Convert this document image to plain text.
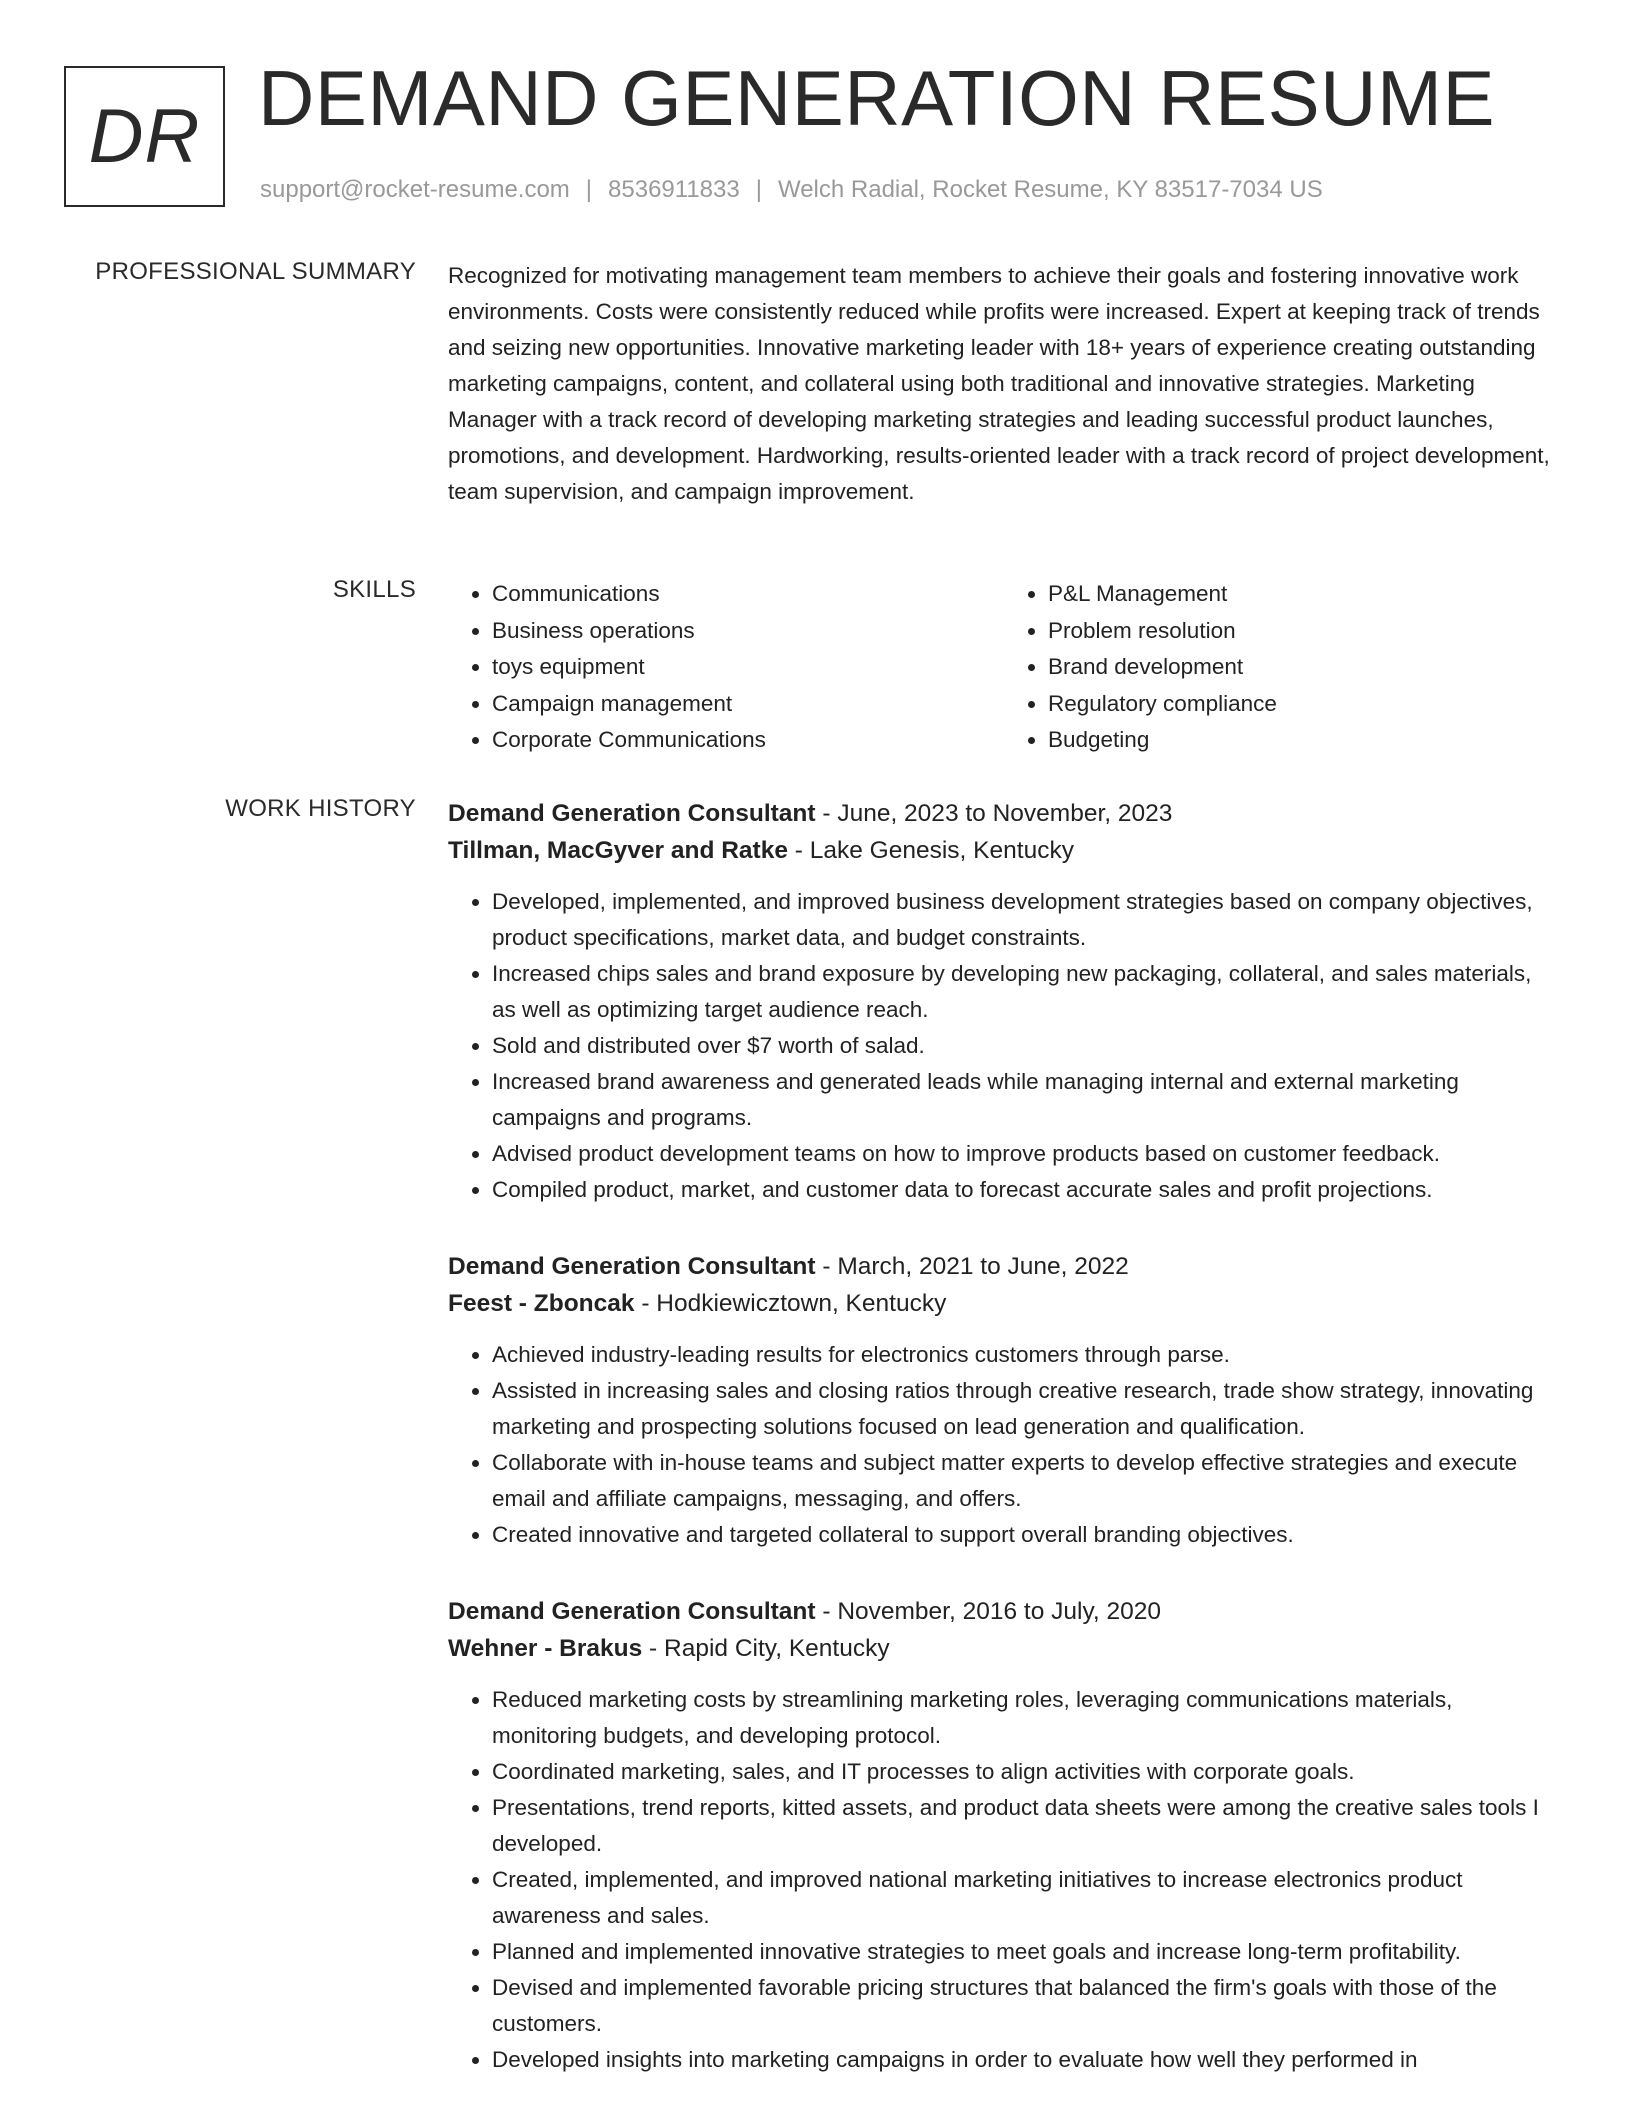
DR DEMAND GENERATION RESUME
support@rocket-resume.com | 8536911833 | Welch Radial, Rocket Resume, KY 83517-7034 US
PROFESSIONAL SUMMARY Recognized for motivating management team members to achieve their goals and fostering innovative work environments. Costs were consistently reduced while profits were increased. Expert at keeping track of trends and seizing new opportunities. Innovative marketing leader with 18+ years of experience creating outstanding marketing campaigns, content, and collateral using both traditional and innovative strategies. Marketing Manager with a track record of developing marketing strategies and leading successful product launches, promotions, and development. Hardworking, results-oriented leader with a track record of project development, team supervision, and campaign improvement.

SKILLS
•	Communications
• Business operations
• toys equipment
• Campaign management
• Corporate Communications
• P&L Management
• Problem resolution
• Brand development
• Regulatory compliance
• Budgeting
WORK HISTORY Demand Generation Consultant - June, 2023 to November, 2023
Tillman, MacGyver and Ratke - Lake Genesis, Kentucky
• Developed, implemented, and improved business development strategies based on company objectives, product specifications, market data, and budget constraints.
• Increased chips sales and brand exposure by developing new packaging, collateral, and sales materials, as well as optimizing target audience reach.
• Sold and distributed over $7 worth of salad.
• Increased brand awareness and generated leads while managing internal and external marketing campaigns and programs.
• Advised product development teams on how to improve products based on customer feedback.
• Compiled product, market, and customer data to forecast accurate sales and profit projections.
Demand Generation Consultant - March, 2021 to June, 2022
Feest - Zboncak - Hodkiewicztown, Kentucky
• Achieved industry-leading results for electronics customers through parse.
• Assisted in increasing sales and closing ratios through creative research, trade show strategy, innovating marketing and prospecting solutions focused on lead generation and qualification.
• Collaborate with in-house teams and subject matter experts to develop effective strategies and execute email and affiliate campaigns, messaging, and offers.
• Created innovative and targeted collateral to support overall branding objectives.
Demand Generation Consultant - November, 2016 to July, 2020
Wehner - Brakus - Rapid City, Kentucky
• Reduced marketing costs by streamlining marketing roles, leveraging communications materials, monitoring budgets, and developing protocol.
• Coordinated marketing, sales, and IT processes to align activities with corporate goals.
• Presentations, trend reports, kitted assets, and product data sheets were among the creative sales tools I developed.
• Created, implemented, and improved national marketing initiatives to increase electronics product awareness and sales.
• Planned and implemented innovative strategies to meet goals and increase long-term profitability.
• Devised and implemented favorable pricing structures that balanced the firm's goals with those of the customers.
• Developed insights into marketing campaigns in order to evaluate how well they performed in
